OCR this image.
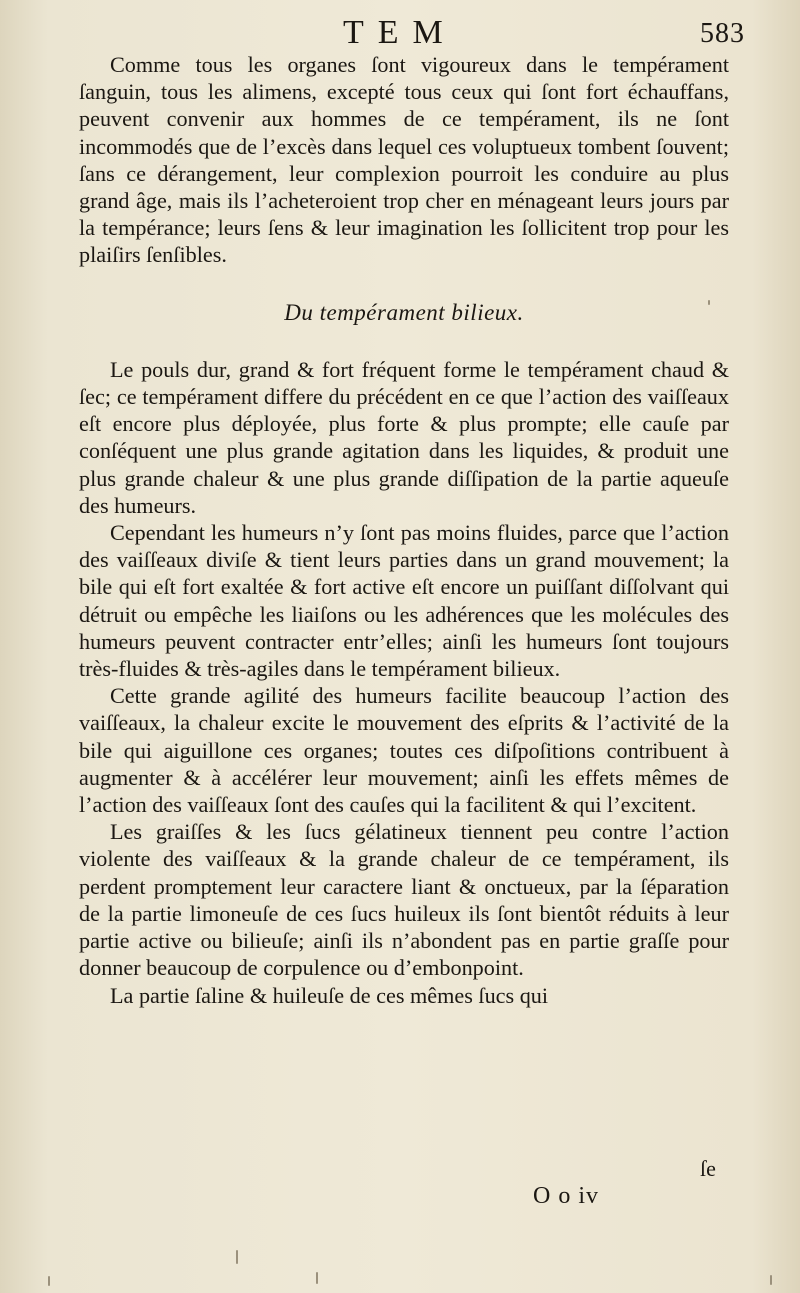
TEM	583

Comme tous les organes ſont vigoureux dans le tempérament ſanguin, tous les alimens, excepté tous ceux qui ſont fort échauffans, peuvent convenir aux hommes de ce tempérament, ils ne ſont incommodés que de l’excès dans lequel ces voluptueux tombent ſouvent; ſans ce dérangement, leur complexion pourroit les conduire au plus grand âge, mais ils l’acheteroient trop cher en ménageant leurs jours par la tempérance; leurs ſens & leur imagination les ſollicitent trop pour les plaiſirs ſenſibles.

Du tempérament bilieux.

Le pouls dur, grand & fort fréquent forme le tempérament chaud & ſec; ce tempérament differe du précédent en ce que l’action des vaiſſeaux eſt encore plus déployée, plus forte & plus prompte; elle cauſe par conſéquent une plus grande agitation dans les liquides, & produit une plus grande chaleur & une plus grande diſſipation de la partie aqueuſe des humeurs.

Cependant les humeurs n’y ſont pas moins fluides, parce que l’action des vaiſſeaux diviſe & tient leurs parties dans un grand mouvement; la bile qui eſt fort exaltée & fort active eſt encore un puiſſant diſſolvant qui détruit ou empêche les liaiſons ou les adhérences que les molécules des humeurs peuvent contracter entr’elles; ainſi les humeurs ſont toujours très-fluides & très-agiles dans le tempérament bilieux.

Cette grande agilité des humeurs facilite beaucoup l’action des vaiſſeaux, la chaleur excite le mouvement des eſprits & l’activité de la bile qui aiguillone ces organes; toutes ces diſpoſitions contribuent à augmenter & à accélérer leur mouvement; ainſi les effets mêmes de l’action des vaiſſeaux ſont des cauſes qui la facilitent & qui l’excitent.

Les graiſſes & les ſucs gélatineux tiennent peu contre l’action violente des vaiſſeaux & la grande chaleur de ce tempérament, ils perdent promptement leur caractere liant & onctueux, par la ſéparation de la partie limoneuſe de ces ſucs huileux ils ſont bientôt réduits à leur partie active ou bilieuſe; ainſi ils n’abondent pas en partie graſſe pour donner beaucoup de corpulence ou d’embonpoint.

La partie ſaline & huileuſe de ces mêmes ſucs qui

ſe
O o iv
